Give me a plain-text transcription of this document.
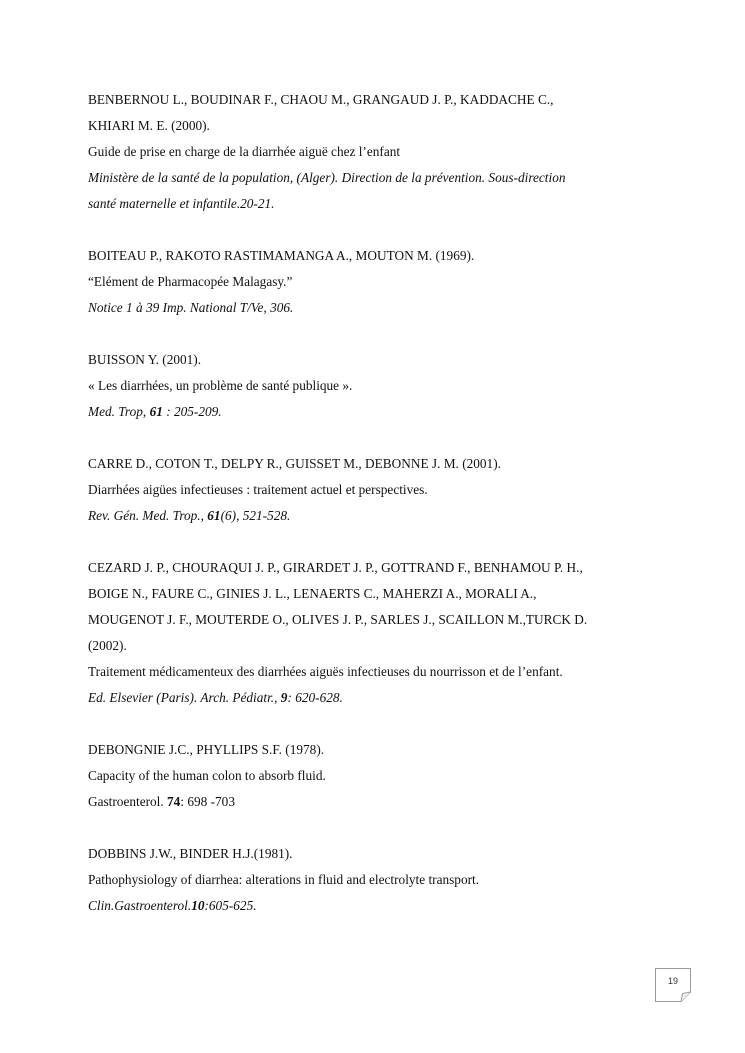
BENBERNOU L., BOUDINAR F., CHAOU M., GRANGAUD J. P., KADDACHE C.,
KHIARI M. E. (2000).
Guide de prise en charge de la diarrhée aiguë chez l’enfant
Ministère de la santé de la population, (Alger). Direction de la prévention. Sous-direction
santé maternelle et infantile.20-21.
BOITEAU P., RAKOTO RASTIMAMANGA A., MOUTON M. (1969).
“Elément de Pharmacopée Malagasy.”
Notice 1 à 39 Imp. National T/Ve, 306.
BUISSON Y. (2001).
« Les diarrhées, un problème de santé publique ».
Med. Trop, 61 : 205-209.
CARRE D., COTON T., DELPY R., GUISSET M., DEBONNE J. M. (2001).
Diarrhées aigües infectieuses : traitement actuel et perspectives.
Rev. Gén. Med. Trop., 61(6), 521-528.
CEZARD J. P., CHOURAQUI J. P., GIRARDET J. P., GOTTRAND F., BENHAMOU P. H.,
BOIGE N., FAURE C., GINIES J. L., LENAERTS C., MAHERZI A., MORALI A.,
MOUGENOT J. F., MOUTERDE O., OLIVES J. P., SARLES J., SCAILLON M.,TURCK D.
(2002).
Traitement médicamenteux des diarrhées aiguës infectieuses du nourrisson et de l’enfant.
Ed. Elsevier (Paris). Arch. Pédiatr., 9: 620-628.
DEBONGNIE J.C., PHYLLIPS S.F. (1978).
Capacity of the human colon to absorb fluid.
Gastroenterol. 74: 698 -703
DOBBINS J.W., BINDER H.J.(1981).
Pathophysiology of diarrhea: alterations in fluid and electrolyte transport.
Clin.Gastroenterol.10:605-625.
19
